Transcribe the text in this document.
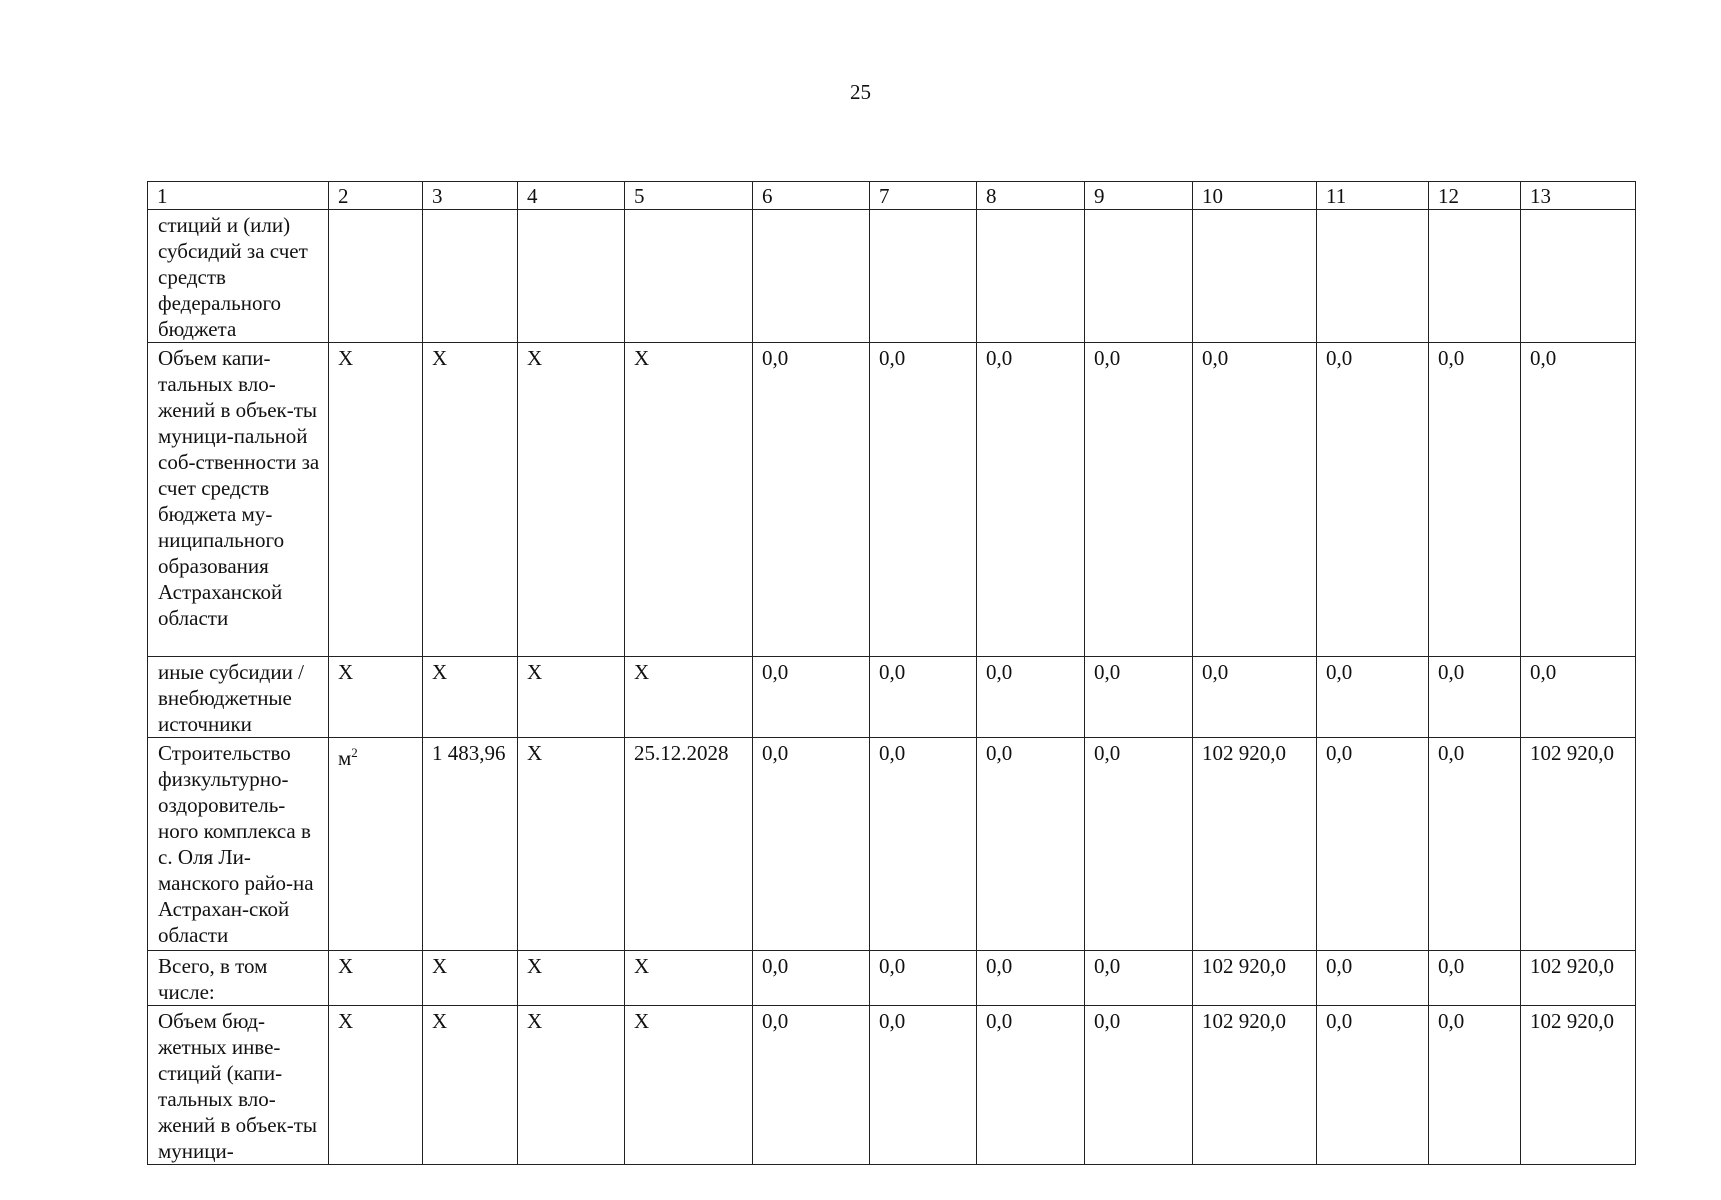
25
1	2	3	4	5	6	7	8	9	10	11	12	13
стиций и (или) субсидий за счет средств федерального бюджета												
Объем капи-тальных вло-жений в объек-ты муници-пальной соб-ственности за счет средств бюджета му-ниципального образования Астраханской области	Х	Х	Х	Х	0,0	0,0	0,0	0,0	0,0	0,0	0,0	0,0
иные субсидии / внебюджетные источники	Х	Х	Х	Х	0,0	0,0	0,0	0,0	0,0	0,0	0,0	0,0
Строительство физкультурно-оздоровитель-ного комплекса в с. Оля Ли-манского райо-на Астрахан-ской области	$м^2$	1 483,96	Х	25.12.2028	0,0	0,0	0,0	0,0	102 920,0	0,0	0,0	102 920,0
Всего, в том числе:	Х	Х	Х	Х	0,0	0,0	0,0	0,0	102 920,0	0,0	0,0	102 920,0
Объем бюд-жетных инве-стиций (капи-тальных вло-жений в объек-ты муници-	Х	Х	Х	Х	0,0	0,0	0,0	0,0	102 920,0	0,0	0,0	102 920,0
